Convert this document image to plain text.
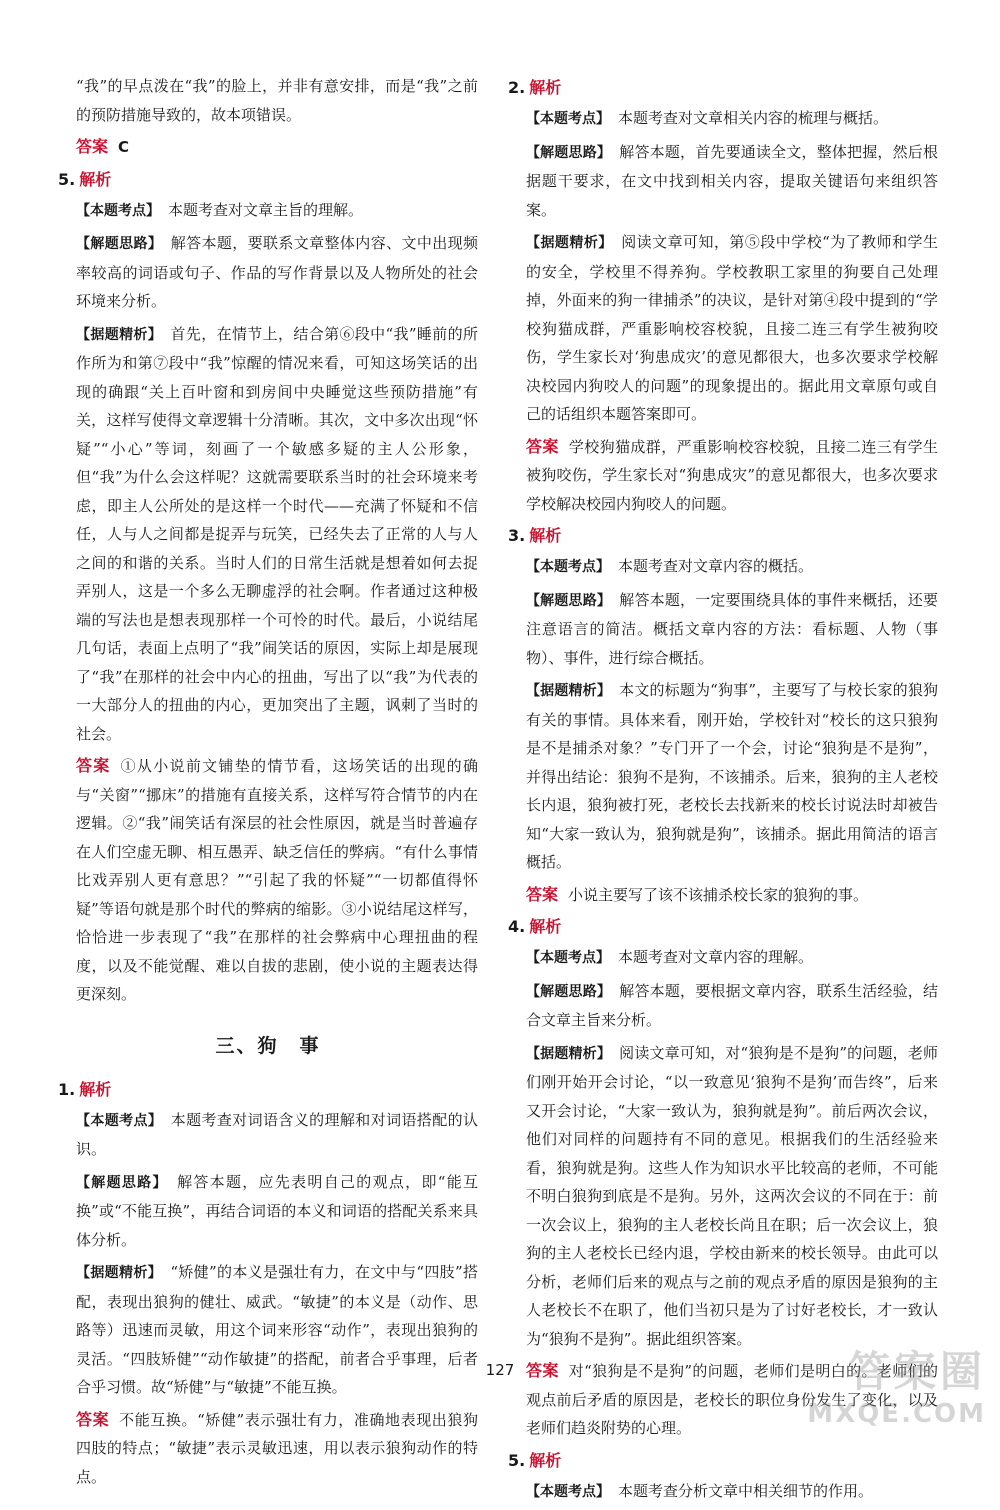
“我”的早点泼在“我”的脸上，并非有意安排，而是“我”之前的预防措施导致的，故本项错误。

答案 C

5. 解析

【本题考点】　 本题考查对文章主旨的理解。

【解题思路】　 解答本题，要联系文章整体内容、文中出现频率较高的词语或句子、作品的写作背景以及人物所处的社会环境来分析。

【据题精析】　 首先，在情节上，结合第⑥段中“我”睡前的所作所为和第⑦段中“我”惊醒的情况来看，可知这场笑话的出现的确跟“关上百叶窗和到房间中央睡觉这些预防措施”有关，这样写使得文章逻辑十分清晰。其次，文中多次出现“怀疑”“小心”等词，刻画了一个敏感多疑的主人公形象，但“我”为什么会这样呢？这就需要联系当时的社会环境来考虑，即主人公所处的是这样一个时代——充满了怀疑和不信任，人与人之间都是捉弄与玩笑，已经失去了正常的人与人之间的和谐的关系。当时人们的日常生活就是想着如何去捉弄别人，这是一个多么无聊虚浮的社会啊。作者通过这种极端的写法也是想表现那样一个可怜的时代。最后，小说结尾几句话，表面上点明了“我”闹笑话的原因，实际上却是展现了“我”在那样的社会中内心的扭曲，写出了以“我”为代表的一大部分人的扭曲的内心，更加突出了主题，讽刺了当时的社会。

答案 ①从小说前文铺垫的情节看，这场笑话的出现的确与“关窗”“挪床”的措施有直接关系，这样写符合情节的内在逻辑。②“我”闹笑话有深层的社会性原因，就是当时普遍存在人们空虚无聊、相互愚弄、缺乏信任的弊病。“有什么事情比戏弄别人更有意思？”“引起了我的怀疑”“一切都值得怀疑”等语句就是那个时代的弊病的缩影。③小说结尾这样写，恰恰进一步表现了“我”在那样的社会弊病中心理扭曲的程度，以及不能觉醒、难以自拔的悲剧，使小说的主题表达得更深刻。

三、狗　事
1. 解析

【本题考点】　 本题考查对词语含义的理解和对词语搭配的认识。

【解题思路】　 解答本题，应先表明自己的观点，即“能互换”或“不能互换”，再结合词语的本义和词语的搭配关系来具体分析。

【据题精析】　 “矫健”的本义是强壮有力，在文中与“四肢”搭配，表现出狼狗的健壮、威武。“敏捷”的本义是（动作、思路等）迅速而灵敏，用这个词来形容“动作”，表现出狼狗的灵活。“四肢矫健”“动作敏捷”的搭配，前者合乎事理，后者合乎习惯。故“矫健”与“敏捷”不能互换。

答案 不能互换。“矫健”表示强壮有力，准确地表现出狼狗四肢的特点；“敏捷”表示灵敏迅速，用以表示狼狗动作的特点。

2. 解析

【本题考点】　 本题考查对文章相关内容的梳理与概括。

【解题思路】　 解答本题，首先要通读全文，整体把握，然后根据题干要求，在文中找到相关内容，提取关键语句来组织答案。

【据题精析】　 阅读文章可知，第⑤段中学校“为了教师和学生的安全，学校里不得养狗。学校教职工家里的狗要自己处理掉，外面来的狗一律捕杀”的决议，是针对第④段中提到的“学校狗猫成群，严重影响校容校貌，且接二连三有学生被狗咬伤，学生家长对‘狗患成灾’的意见都很大，也多次要求学校解决校园内狗咬人的问题”的现象提出的。据此用文章原句或自己的话组织本题答案即可。

答案 学校狗猫成群，严重影响校容校貌，且接二连三有学生被狗咬伤，学生家长对“狗患成灾”的意见都很大，也多次要求学校解决校园内狗咬人的问题。

3. 解析

【本题考点】　 本题考查对文章内容的概括。

【解题思路】　 解答本题，一定要围绕具体的事件来概括，还要注意语言的简洁。概括文章内容的方法：看标题、人物（事物）、事件，进行综合概括。

【据题精析】　 本文的标题为“狗事”，主要写了与校长家的狼狗有关的事情。具体来看，刚开始，学校针对“校长的这只狼狗是不是捕杀对象？”专门开了一个会，讨论“狼狗是不是狗”，并得出结论：狼狗不是狗，不该捕杀。后来，狼狗的主人老校长内退，狼狗被打死，老校长去找新来的校长讨说法时却被告知“大家一致认为，狼狗就是狗”，该捕杀。据此用简洁的语言概括。

答案 小说主要写了该不该捕杀校长家的狼狗的事。

4. 解析

【本题考点】　 本题考查对文章内容的理解。

【解题思路】　 解答本题，要根据文章内容，联系生活经验，结合文章主旨来分析。

【据题精析】　 阅读文章可知，对“狼狗是不是狗”的问题，老师们刚开始开会讨论，“以一致意见‘狼狗不是狗’而告终”，后来又开会讨论，“大家一致认为，狼狗就是狗”。前后两次会议，他们对同样的问题持有不同的意见。根据我们的生活经验来看，狼狗就是狗。这些人作为知识水平比较高的老师，不可能不明白狼狗到底是不是狗。另外，这两次会议的不同在于：前一次会议上，狼狗的主人老校长尚且在职；后一次会议上，狼狗的主人老校长已经内退，学校由新来的校长领导。由此可以分析，老师们后来的观点与之前的观点矛盾的原因是狼狗的主人老校长不在职了，他们当初只是为了讨好老校长，才一致认为“狼狗不是狗”。据此组织答案。

答案 对“狼狗是不是狗”的问题，老师们是明白的。老师们的观点前后矛盾的原因是，老校长的职位身份发生了变化，以及老师们趋炎附势的心理。

5. 解析

【本题考点】　 本题考查分析文章中相关细节的作用。

127	答案圈
MXQE.COM
